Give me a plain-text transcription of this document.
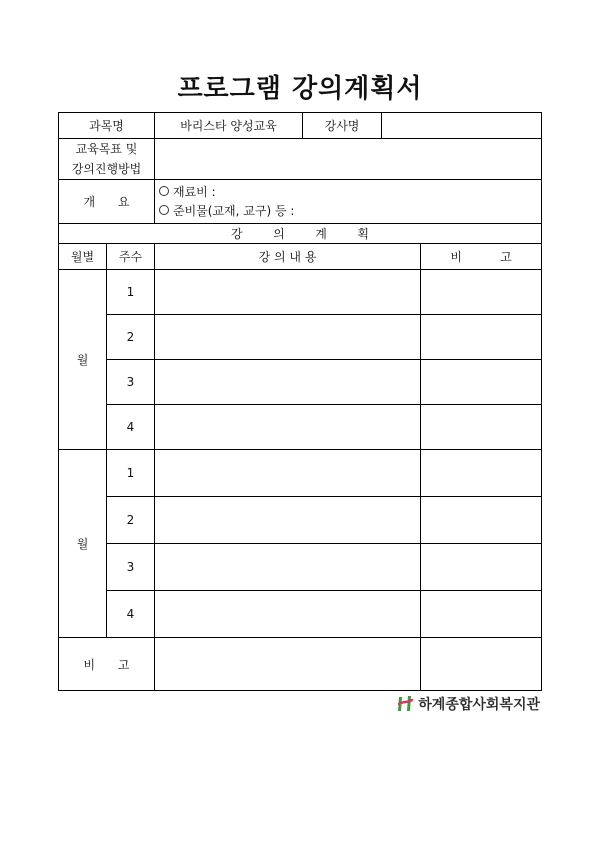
프로그램 강의계획서
과목명		바리스타 양성교육	강사명		

교육목표 및
강의진행방법					

개      요		재료비 :
준비물(교재, 교구) 등 :			

강        의        계        획					
월별	주수	강 의 내 용			비          고
월	1				
	2				
	3				
	4				
월	1				
	2				
	3				
	4				
비      고					
하계종합사회복지관
